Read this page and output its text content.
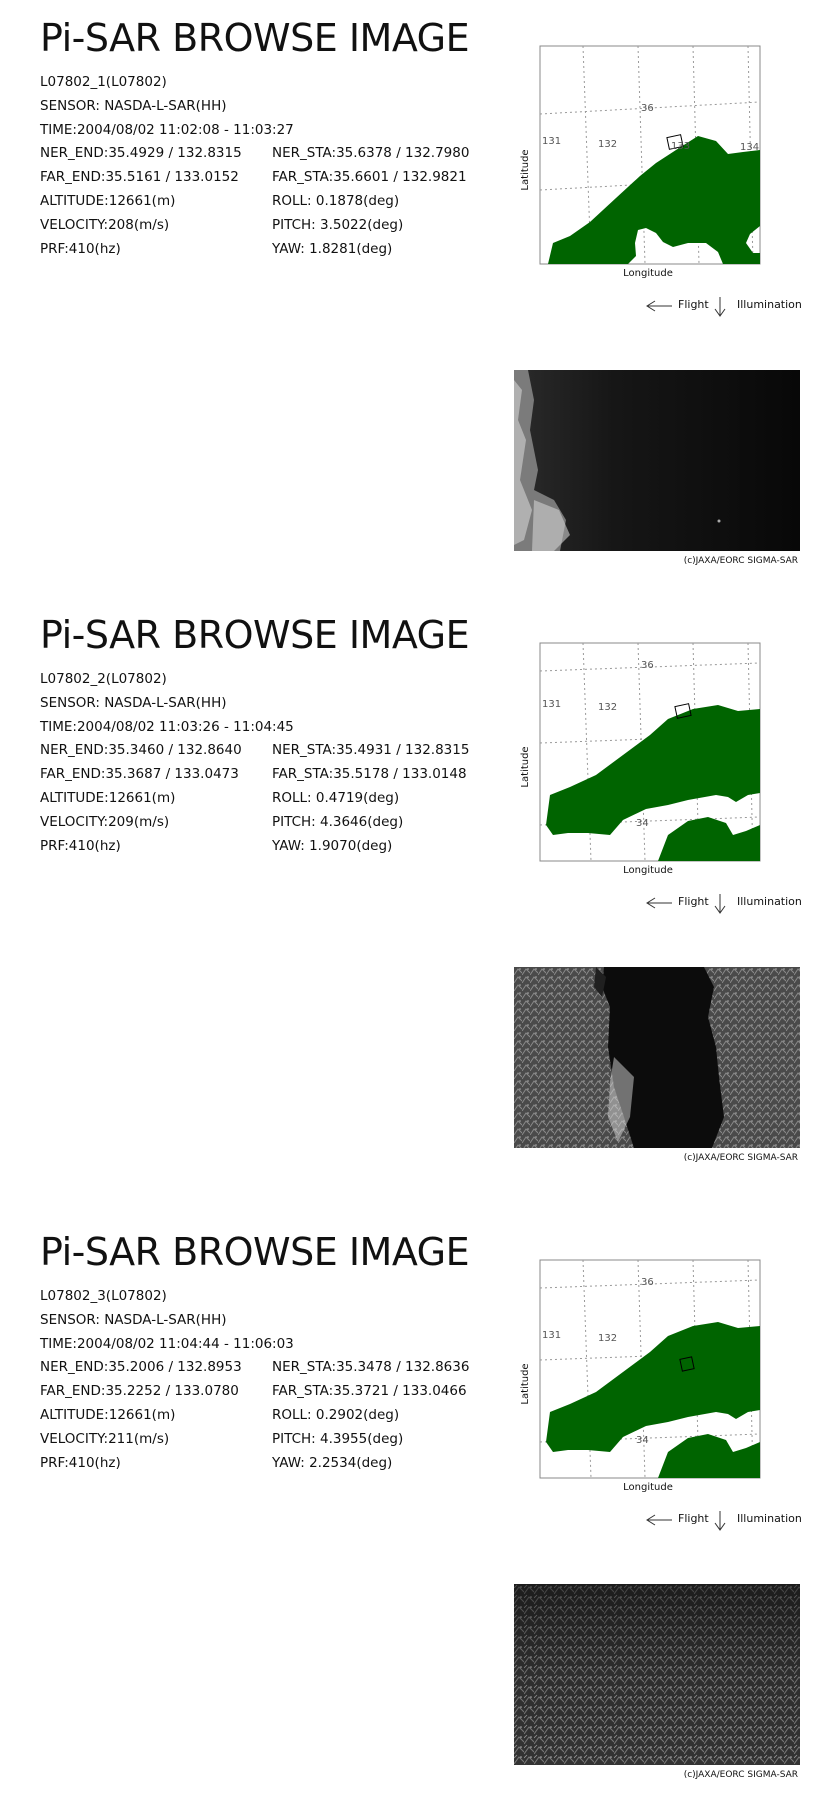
Pi-SAR BROWSE IMAGE
L07802_1(L07802)
SENSOR: NASDA-L-SAR(HH)
TIME:2004/08/02 11:02:08 - 11:03:27
NER_END:35.4929 / 132.8315 NER_STA:35.6378 / 132.7980
FAR_END:35.5161 / 133.0152 FAR_STA:35.6601 / 132.9821
ALTITUDE:12661(m)	ROLL: 0.1878(deg)
VELOCITY:208(m/s)	PITCH: 3.5022(deg)
PRF:410(hz)	YAW: 1.8281(deg)
Latitude
Longitude
36
131	132	133	134
Flight	Illumination
(c)JAXA/EORC SIGMA-SAR
Pi-SAR BROWSE IMAGE
L07802_2(L07802)
SENSOR: NASDA-L-SAR(HH)
TIME:2004/08/02 11:03:26 - 11:04:45
NER_END:35.3460 / 132.8640 NER_STA:35.4931 / 132.8315
FAR_END:35.3687 / 133.0473 FAR_STA:35.5178 / 133.0148
ALTITUDE:12661(m)	ROLL: 0.4719(deg)
VELOCITY:209(m/s)	PITCH: 4.3646(deg)
PRF:410(hz)	YAW: 1.9070(deg)
Latitude
Longitude
36
131	132
34
Flight	Illumination
(c)JAXA/EORC SIGMA-SAR
Pi-SAR BROWSE IMAGE
L07802_3(L07802)
SENSOR: NASDA-L-SAR(HH)
TIME:2004/08/02 11:04:44 - 11:06:03
NER_END:35.2006 / 132.8953 NER_STA:35.3478 / 132.8636
FAR_END:35.2252 / 133.0780 FAR_STA:35.3721 / 133.0466
ALTITUDE:12661(m)	ROLL: 0.2902(deg)
VELOCITY:211(m/s)	PITCH: 4.3955(deg)
PRF:410(hz)	YAW: 2.2534(deg)
Latitude
Longitude
36
131	132
34
Flight	Illumination
(c)JAXA/EORC SIGMA-SAR
